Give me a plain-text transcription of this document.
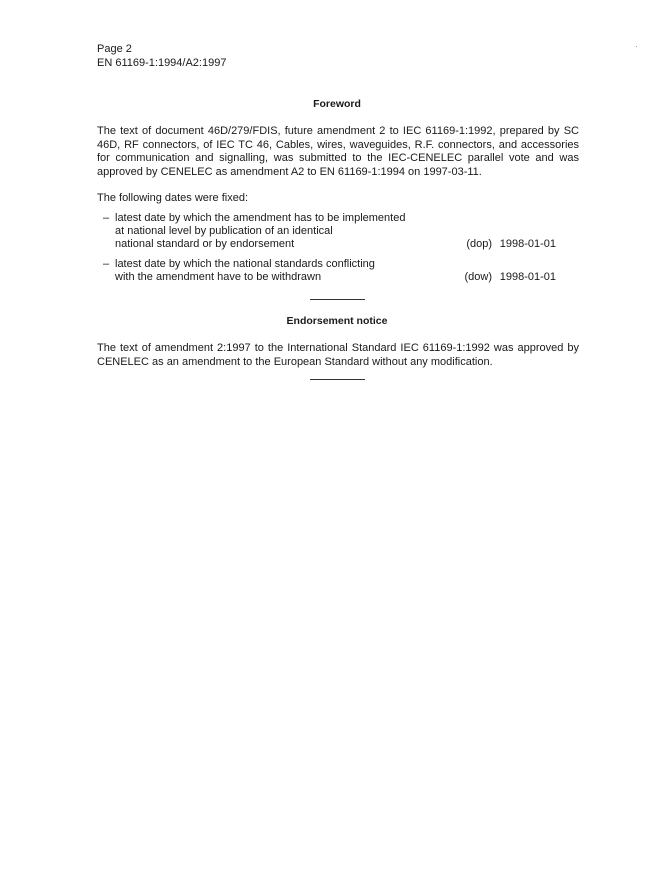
Page 2
EN 61169-1:1994/A2:1997
Foreword
The text of document 46D/279/FDIS, future amendment 2 to IEC 61169-1:1992, prepared by SC 46D, RF connectors, of IEC TC 46, Cables, wires, waveguides, R.F. connectors, and accessories for communication and signalling, was submitted to the IEC-CENELEC parallel vote and was approved by CENELEC as amendment A2 to EN 61169-1:1994 on 1997-03-11.
The following dates were fixed:
– latest date by which the amendment has to be implemented
at national level by publication of an identical
national standard or by endorsement	(dop) 1998-01-01
– latest date by which the national standards conflicting
with the amendment have to be withdrawn	(dow) 1998-01-01
Endorsement notice
The text of amendment 2:1997 to the International Standard IEC 61169-1:1992 was approved by CENELEC as an amendment to the European Standard without any modification.
